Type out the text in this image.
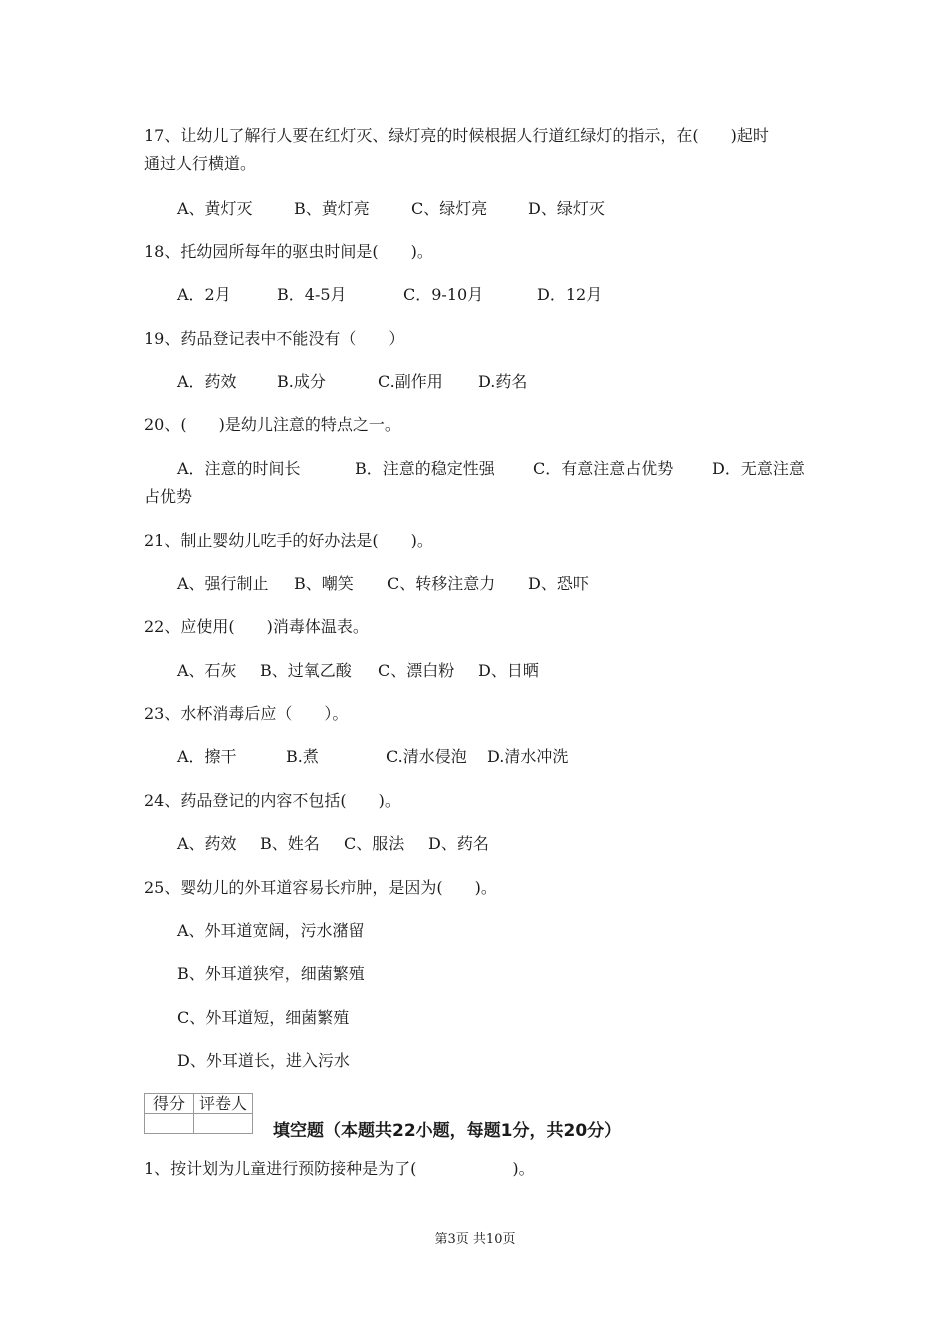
17、让幼儿了解行人要在红灯灭、绿灯亮的时候根据人行道红绿灯的指示，在(　　)起时
通过人行横道。
A、黄灯灭	B、黄灯亮	C、绿灯亮	D、绿灯灭
18、托幼园所每年的驱虫时间是(　　)。
A．2月	B．4-5月	C．9-10月	D．12月
19、药品登记表中不能没有（　　）
A．药效	B.成分	C.副作用 D.药名
20、(　　)是幼儿注意的特点之一。
A．注意的时间长	B．注意的稳定性强 C．有意注意占优势 D．无意注意
占优势
21、制止婴幼儿吃手的好办法是(　　)。
A、强行制止 B、嘲笑 C、转移注意力 D、恐吓
22、应使用(　　)消毒体温表。
A、石灰 B、过氧乙酸 C、漂白粉 D、日晒
23、水杯消毒后应（　　）。
A．擦干	B.煮	C.清水侵泡 D.清水冲洗
24、药品登记的内容不包括(　　)。
A、药效 B、姓名 C、服法 D、药名
25、婴幼儿的外耳道容易长疖肿，是因为(　　)。
A、外耳道宽阔，污水潴留
B、外耳道狭窄，细菌繁殖
C、外耳道短，细菌繁殖
D、外耳道长，进入污水
得分	评卷人

填空题（本题共22小题，每题1分，共20分）
1、按计划为儿童进行预防接种是为了(　　　　　　)。
第3页 共10页
